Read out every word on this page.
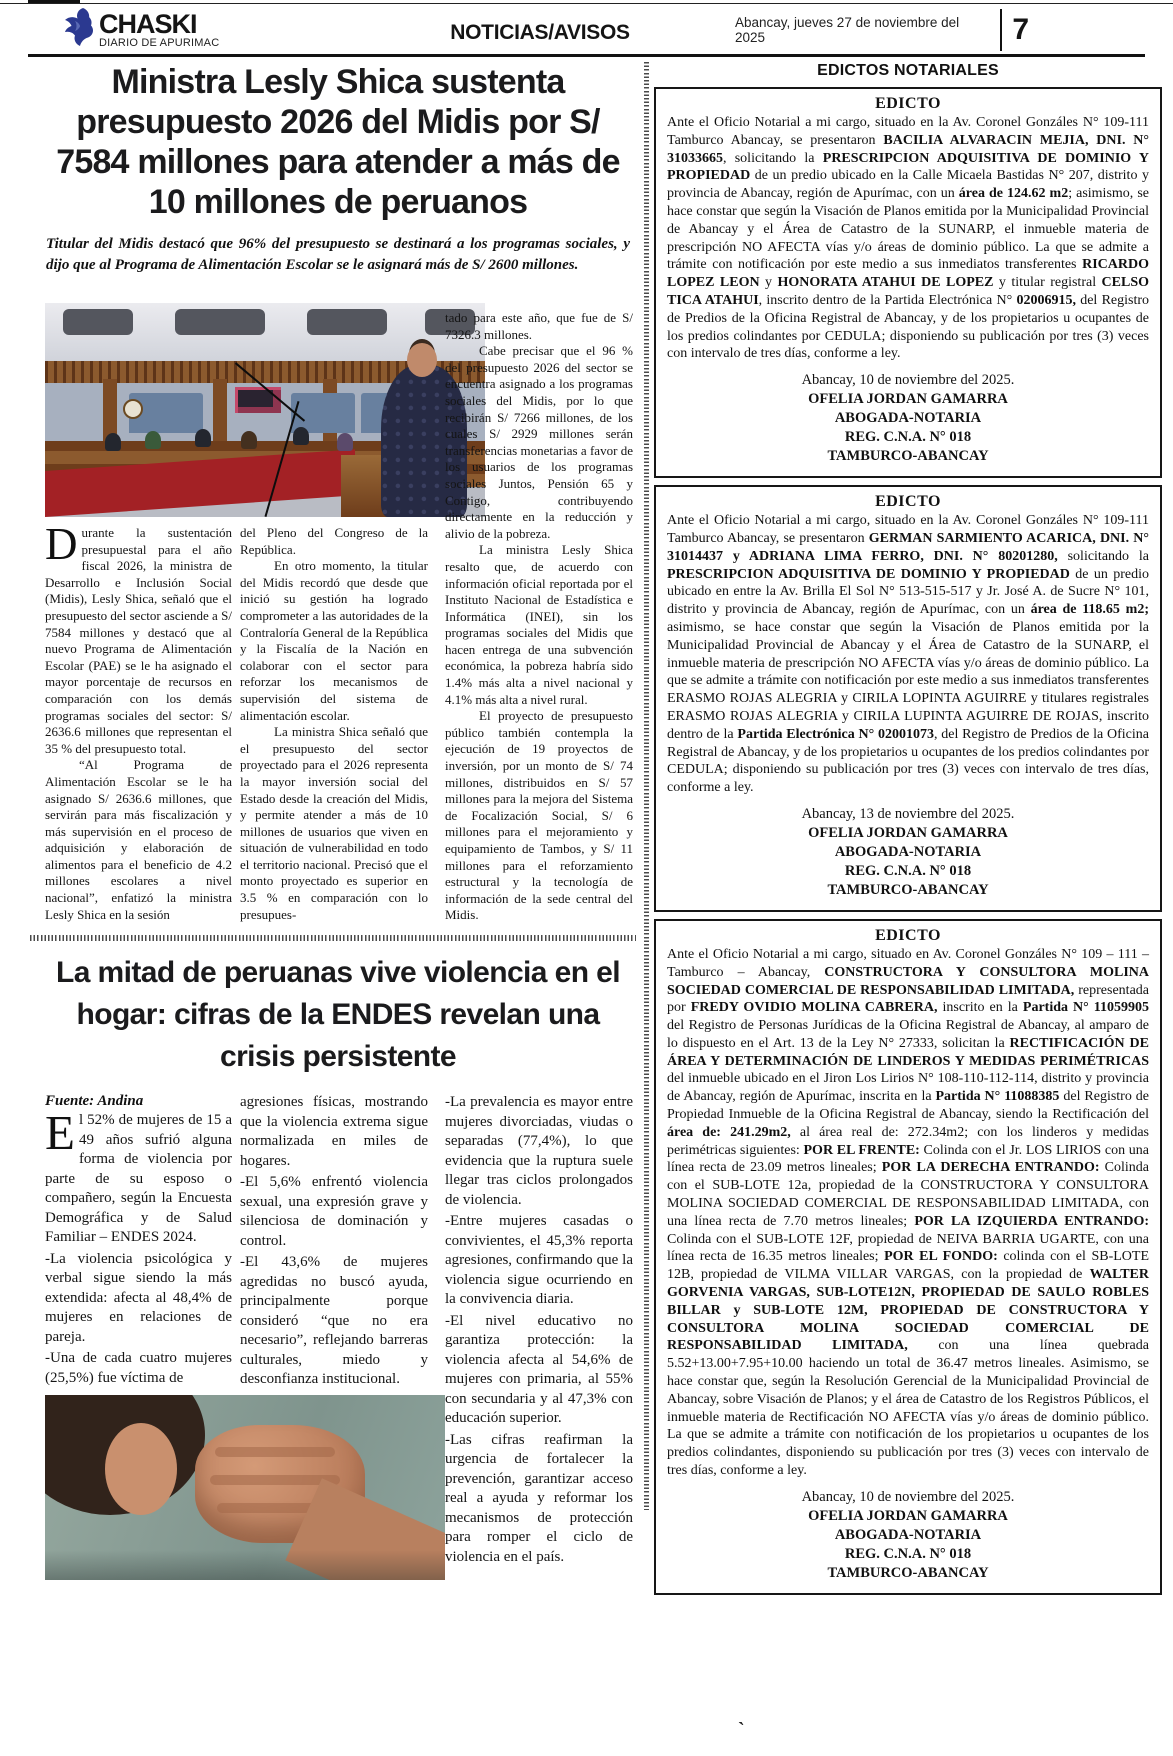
CHASKI
DIARIO DE APURIMAC	NOTICIAS/AVISOS	Abancay, jueves 27 de noviembre del 2025	7
Ministra Lesly Shica sustenta presupuesto 2026 del Midis por S/ 7584 millones para atender a más de 10 millones de peruanos
Titular del Midis destacó que 96% del presupuesto se destinará a los programas sociales, y dijo que al Programa de Alimentación Escolar se le asignará más de S/ 2600 millones.

Durante la sustentación presupuestal para el año fiscal 2026, la ministra de Desarrollo e Inclusión Social (Midis), Lesly Shica, señaló que el presupuesto del sector asciende a S/ 7584 millones y destacó que al nuevo Programa de Alimentación Escolar (PAE) se le ha asignado el mayor porcentaje de recursos en comparación con los demás programas sociales del sector: S/ 2636.6 millones que representan el 35 % del presupuesto total.

“Al Programa de Alimentación Escolar se le ha asignado S/ 2636.6 millones, que servirán para más fiscalización y más supervisión en el proceso de adquisición y elaboración de alimentos para el beneficio de 4.2 millones escolares a nivel nacional”, enfatizó la ministra Lesly Shica en la sesión

del Pleno del Congreso de la República.

En otro momento, la titular del Midis recordó que desde que inició su gestión ha logrado comprometer a las autoridades de la Contraloría General de la República y la Fiscalía de la Nación en colaborar con el sector para reforzar los mecanismos de supervisión del sistema de alimentación escolar.

La ministra Shica señaló que el presupuesto del sector proyectado para el 2026 representa la mayor inversión social del Estado desde la creación del Midis, y permite atender a más de 10 millones de usuarios que viven en situación de vulnerabilidad en todo el territorio nacional. Precisó que el monto proyectado es superior en 3.5 % en comparación con lo presupues-

tado para este año, que fue de S/ 7326.3 millones.

Cabe precisar que el 96 % del presupuesto 2026 del sector se encuentra asignado a los programas sociales del Midis, por lo que recibirán S/ 7266 millones, de los cuales S/ 2929 millones serán transferencias monetarias a favor de los usuarios de los programas sociales Juntos, Pensión 65 y Contigo, contribuyendo directamente en la reducción y alivio de la pobreza.

La ministra Lesly Shica resalto que, de acuerdo con información oficial reportada por el Instituto Nacional de Estadística e Informática (INEI), sin los programas sociales del Midis que hacen entrega de una subvención económica, la pobreza habría sido 1.4% más alta a nivel nacional y 4.1% más alta a nivel rural.

El proyecto de presupuesto público también contempla la ejecución de 19 proyectos de inversión, por un monto de S/ 74 millones, distribuidos en S/ 57 millones para la mejora del Sistema de Focalización Social, S/ 6 millones para el mejoramiento y equipamiento de Tambos, y S/ 11 millones para el reforzamiento estructural y la tecnología de información de la sede central del Midis.

La mitad de peruanas vive violencia en el hogar: cifras de la ENDES revelan una crisis persistente
Fuente: Andina

El 52% de mujeres de 15 a 49 años sufrió alguna forma de violencia por parte de su esposo o compañero, según la Encuesta Demográfica y de Salud Familiar – ENDES 2024.

-La violencia psicológica y verbal sigue siendo la más extendida: afecta al 48,4% de mujeres en relaciones de pareja.

-Una de cada cuatro mujeres (25,5%) fue víctima de

agresiones físicas, mostrando que la violencia extrema sigue normalizada en miles de hogares.

-El 5,6% enfrentó violencia sexual, una expresión grave y silenciosa de dominación y control.

-El 43,6% de mujeres agredidas no buscó ayuda, principalmente porque consideró “que no era necesario”, reflejando barreras culturales, miedo y desconfianza institucional.

-La prevalencia es mayor entre mujeres divorciadas, viudas o separadas (77,4%), lo que evidencia que la ruptura suele llegar tras ciclos prolongados de violencia.

-Entre mujeres casadas o convivientes, el 45,3% reporta agresiones, confirmando que la violencia sigue ocurriendo en la convivencia diaria.

-El nivel educativo no garantiza protección: la violencia afecta al 54,6% de mujeres con primaria, al 55% con secundaria y al 47,3% con educación superior.

-Las cifras reafirman la urgencia de fortalecer la prevención, garantizar acceso real a ayuda y reformar los mecanismos de protección para romper el ciclo de violencia en el país.

EDICTOS NOTARIALES
EDICTO
Ante el Oficio Notarial a mi cargo, situado en la Av. Coronel Gonzáles N° 109-111 Tamburco Abancay, se presentaron BACILIA ALVARACIN MEJIA, DNI. N° 31033665, solicitando la PRESCRIPCION ADQUISITIVA DE DOMINIO Y PROPIEDAD de un predio ubicado en la Calle Micaela Bastidas N° 207, distrito y provincia de Abancay, región de Apurímac, con un área de 124.62 m2; asimismo, se hace constar que según la Visación de Planos emitida por la Municipalidad Provincial de Abancay y el Área de Catastro de la SUNARP, el inmueble materia de prescripción NO AFECTA vías y/o áreas de dominio público. La que se admite a trámite con notificación por este medio a sus inmediatos transferentes RICARDO LOPEZ LEON y HONORATA ATAHUI DE LOPEZ y titular registral CELSO TICA ATAHUI, inscrito dentro de la Partida Electrónica N° 02006915, del Registro de Predios de la Oficina Registral de Abancay, y de los propietarios u ocupantes de los predios colindantes por CEDULA; disponiendo su publicación por tres (3) veces con intervalo de tres días, conforme a ley.
Abancay, 10 de noviembre del 2025.
OFELIA JORDAN GAMARRA
ABOGADA-NOTARIA
REG. C.N.A. N° 018
TAMBURCO-ABANCAY
EDICTO
Ante el Oficio Notarial a mi cargo, situado en la Av. Coronel Gonzáles N° 109-111 Tamburco Abancay, se presentaron GERMAN SARMIENTO ACARICA, DNI. N° 31014437 y ADRIANA LIMA FERRO, DNI. N° 80201280, solicitando la PRESCRIPCION ADQUISITIVA DE DOMINIO Y PROPIEDAD de un predio ubicado en entre la Av. Brilla El Sol N° 513-515-517 y Jr. José A. de Sucre N° 101, distrito y provincia de Abancay, región de Apurímac, con un área de 118.65 m2; asimismo, se hace constar que según la Visación de Planos emitida por la Municipalidad Provincial de Abancay y el Área de Catastro de la SUNARP, el inmueble materia de prescripción NO AFECTA vías y/o áreas de dominio público. La que se admite a trámite con notificación por este medio a sus inmediatos transferentes ERASMO ROJAS ALEGRIA y CIRILA LOPINTA AGUIRRE y titulares registrales ERASMO ROJAS ALEGRIA y CIRILA LUPINTA AGUIRRE DE ROJAS, inscrito dentro de la Partida Electrónica N° 02001073, del Registro de Predios de la Oficina Registral de Abancay, y de los propietarios u ocupantes de los predios colindantes por CEDULA; disponiendo su publicación por tres (3) veces con intervalo de tres días, conforme a ley.
Abancay, 13 de noviembre del 2025.
OFELIA JORDAN GAMARRA
ABOGADA-NOTARIA
REG. C.N.A. N° 018
TAMBURCO-ABANCAY
EDICTO
Ante el Oficio Notarial a mi cargo, situado en Av. Coronel Gonzáles N° 109 – 111 – Tamburco – Abancay, CONSTRUCTORA Y CONSULTORA MOLINA SOCIEDAD COMERCIAL DE RESPONSABILIDAD LIMITADA, representada por FREDY OVIDIO MOLINA CABRERA, inscrito en la Partida N° 11059905 del Registro de Personas Jurídicas de la Oficina Registral de Abancay, al amparo de lo dispuesto en el Art. 13 de la Ley N° 27333, solicitan la RECTIFICACIÓN DE ÁREA Y DETERMINACIÓN DE LINDEROS Y MEDIDAS PERIMÉTRICAS del inmueble ubicado en el Jiron Los Lirios N° 108-110-112-114, distrito y provincia de Abancay, región de Apurímac, inscrita en la Partida N° 11088385 del Registro de Propiedad Inmueble de la Oficina Registral de Abancay, siendo la Rectificación del área de: 241.29m2, al área real de: 272.34m2; con los linderos y medidas perimétricas siguientes: POR EL FRENTE: Colinda con el Jr. LOS LIRIOS con una línea recta de 23.09 metros lineales; POR LA DERECHA ENTRANDO: Colinda con el SUB-LOTE 12a, propiedad de la CONSTRUCTORA Y CONSULTORA MOLINA SOCIEDAD COMERCIAL DE RESPONSABILIDAD LIMITADA, con una línea recta de 7.70 metros lineales; POR LA IZQUIERDA ENTRANDO: Colinda con el SUB-LOTE 12F, propiedad de NEIVA BARRIA UGARTE, con una línea recta de 16.35 metros lineales; POR EL FONDO: colinda con el SB-LOTE 12B, propiedad de VILMA VILLAR VARGAS, con la propiedad de WALTER GORVENIA VARGAS, SUB-LOTE12N, PROPIEDAD DE SAULO ROBLES BILLAR y SUB-LOTE 12M, PROPIEDAD DE CONSTRUCTORA Y CONSULTORA MOLINA SOCIEDAD COMERCIAL DE RESPONSABILIDAD LIMITADA, con una línea quebrada 5.52+13.00+7.95+10.00 haciendo un total de 36.47 metros lineales. Asimismo, se hace constar que, según la Resolución Gerencial de la Municipalidad Provincial de Abancay, sobre Visación de Planos; y el área de Catastro de los Registros Públicos, el inmueble materia de Rectificación NO AFECTA vías y/o áreas de dominio público. La que se admite a trámite con notificación de los propietarios u ocupantes de los predios colindantes, disponiendo su publicación por tres (3) veces con intervalo de tres días, conforme a ley.
Abancay, 10 de noviembre del 2025.
OFELIA JORDAN GAMARRA
ABOGADA-NOTARIA
REG. C.N.A. N° 018
TAMBURCO-ABANCAY
`
